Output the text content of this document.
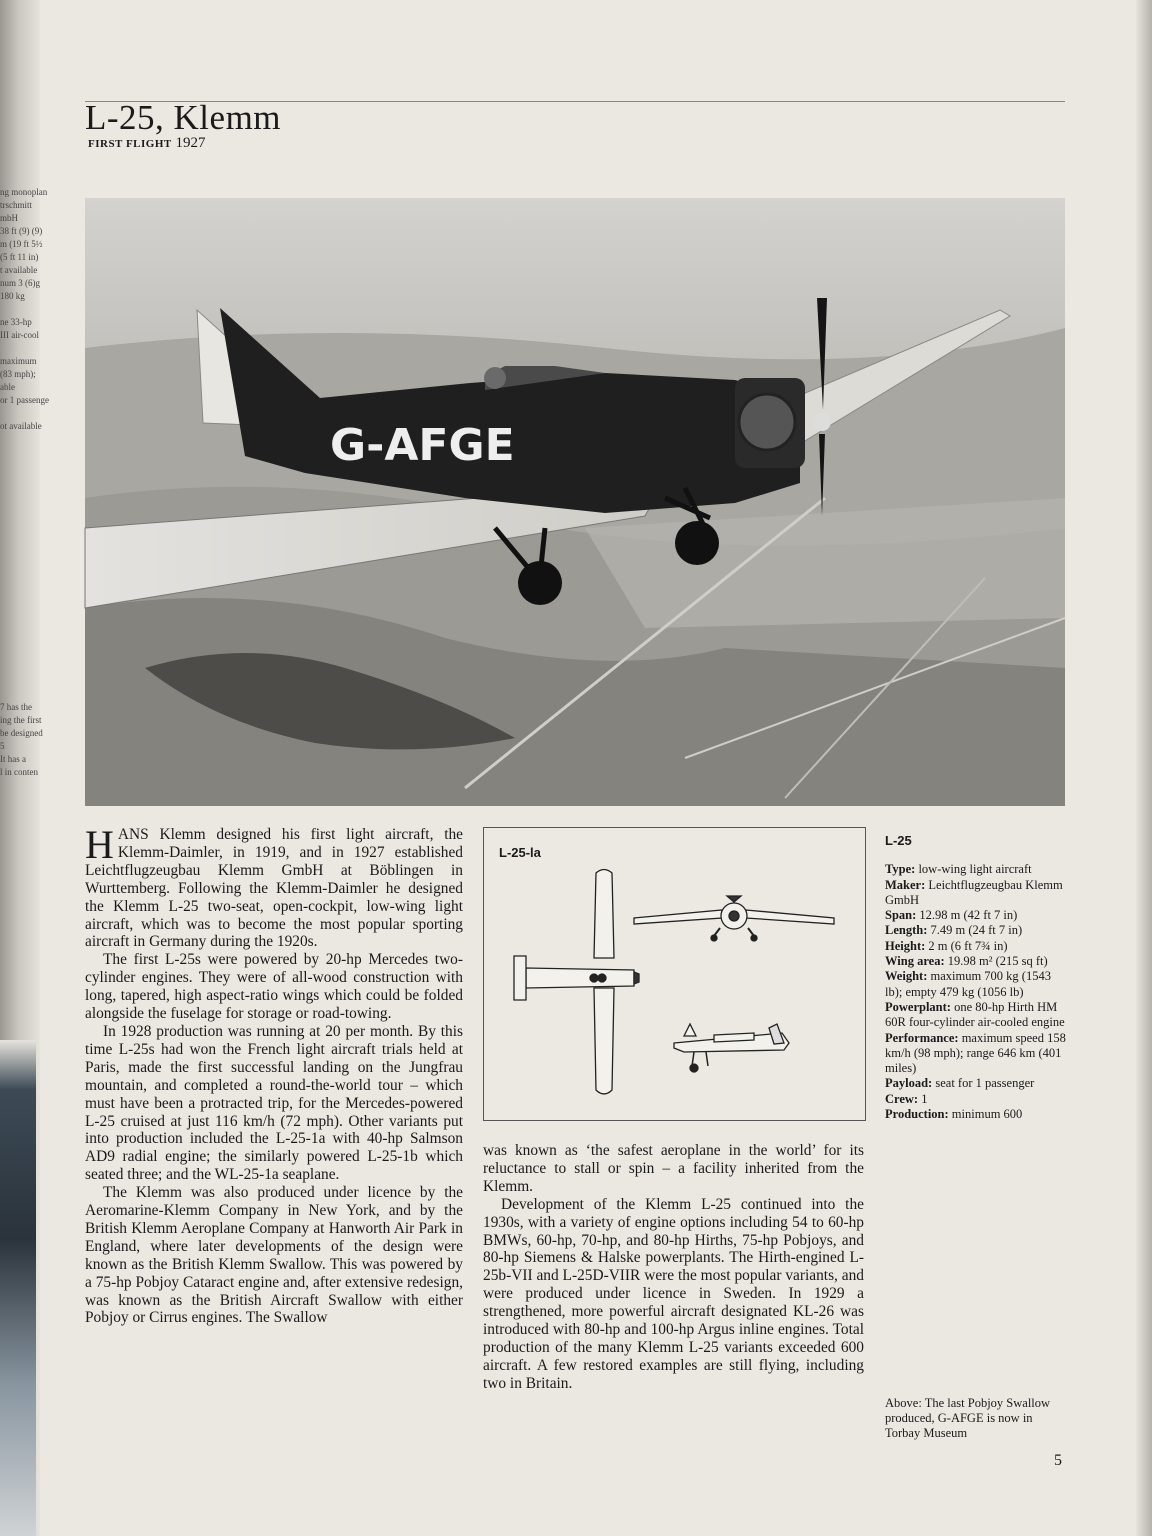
ng monoplan
trschmitt
mbH
38 ft (9) (9)
m (19 ft 5½
(5 ft 11 in)
t available
num 3 (6)g
180 kg
ne 33-hp
III air-cool
maximum
(83 mph);
able
or 1 passenge
ot available
7 has the
ing the first
be designed
5
It has a
l in conten
L-25, Klemm
FIRST FLIGHT 1927
G-AFGE

HANS Klemm designed his first light aircraft, the Klemm-Daimler, in 1919, and in 1927 established Leichtflugzeugbau Klemm GmbH at Böblingen in Wurttemberg. Following the Klemm-Daimler he designed the Klemm L-25 two-seat, open-cockpit, low-wing light aircraft, which was to become the most popular sporting aircraft in Germany during the 1920s.

The first L-25s were powered by 20-hp Mercedes two-cylinder engines. They were of all-wood construction with long, tapered, high aspect-ratio wings which could be folded alongside the fuselage for storage or road-towing.

In 1928 production was running at 20 per month. By this time L-25s had won the French light aircraft trials held at Paris, made the first successful landing on the Jungfrau mountain, and completed a round-the-world tour – which must have been a protracted trip, for the Mercedes-powered L-25 cruised at just 116 km/h (72 mph). Other variants put into production included the L-25-1a with 40-hp Salmson AD9 radial engine; the similarly powered L-25-1b which seated three; and the WL-25-1a seaplane.

The Klemm was also produced under licence by the Aeromarine-Klemm Company in New York, and by the British Klemm Aeroplane Company at Hanworth Air Park in England, where later developments of the design were known as the British Klemm Swallow. This was powered by a 75-hp Pobjoy Cataract engine and, after extensive redesign, was known as the British Aircraft Swallow with either Pobjoy or Cirrus engines. The Swallow

L-25-la

was known as ‘the safest aeroplane in the world’ for its reluctance to stall or spin – a facility inherited from the Klemm.

Development of the Klemm L-25 continued into the 1930s, with a variety of engine options including 54 to 60-hp BMWs, 60-hp, 70-hp, and 80-hp Hirths, 75-hp Pobjoys, and 80-hp Siemens & Halske powerplants. The Hirth-engined L-25b-VII and L-25D-VIIR were the most popular variants, and were produced under licence in Sweden. In 1929 a strengthened, more powerful aircraft designated KL-26 was introduced with 80-hp and 100-hp Argus inline engines. Total production of the many Klemm L-25 variants exceeded 600 aircraft. A few restored examples are still flying, including two in Britain.

L-25
Type: low-wing light aircraft
Maker: Leichtflugzeugbau Klemm GmbH
Span: 12.98 m (42 ft 7 in)
Length: 7.49 m (24 ft 7 in)
Height: 2 m (6 ft 7¾ in)
Wing area: 19.98 m² (215 sq ft)
Weight: maximum 700 kg (1543 lb); empty 479 kg (1056 lb)
Powerplant: one 80-hp Hirth HM 60R four-cylinder air-cooled engine
Performance: maximum speed 158 km/h (98 mph); range 646 km (401 miles)
Payload: seat for 1 passenger
Crew: 1
Production: minimum 600
Above: The last Pobjoy Swallow produced, G-AFGE is now in Torbay Museum
5
